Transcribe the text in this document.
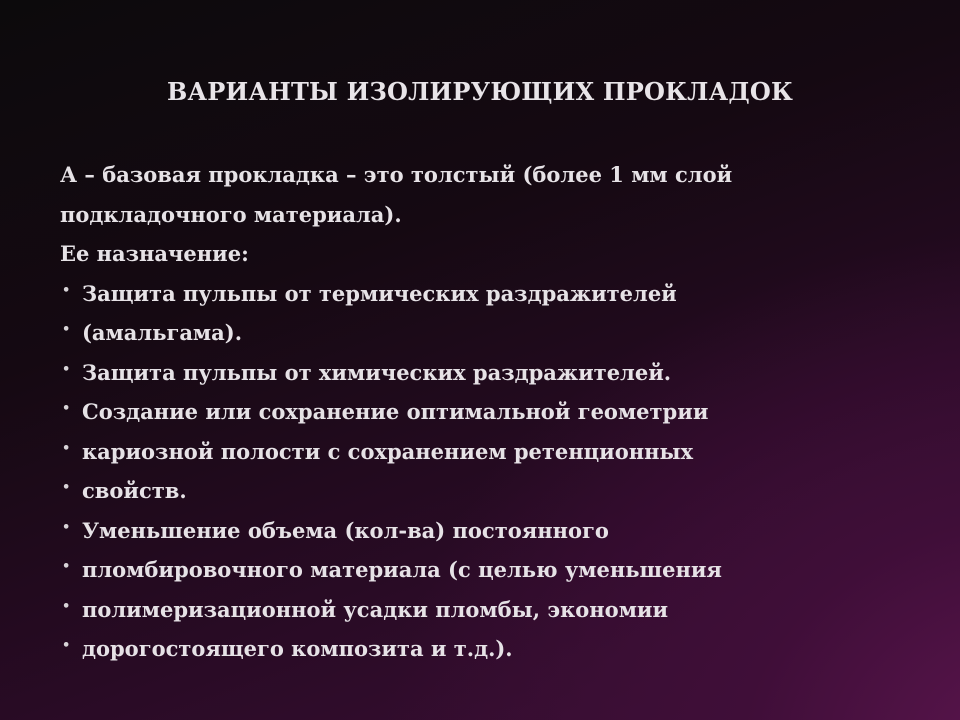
ВАРИАНТЫ ИЗОЛИРУЮЩИХ ПРОКЛАДОК
А – базовая прокладка – это толстый (более 1 мм слой
подкладочного материала).
Ее назначение:
• Защита пульпы от термических раздражителей
• (амальгама).
• Защита пульпы от химических раздражителей.
• Создание или сохранение оптимальной геометрии
• кариозной полости с сохранением ретенционных
• свойств.
• Уменьшение объема (кол-ва) постоянного
• пломбировочного материала (с целью уменьшения
• полимеризационной усадки пломбы, экономии
• дорогостоящего композита и т.д.).
